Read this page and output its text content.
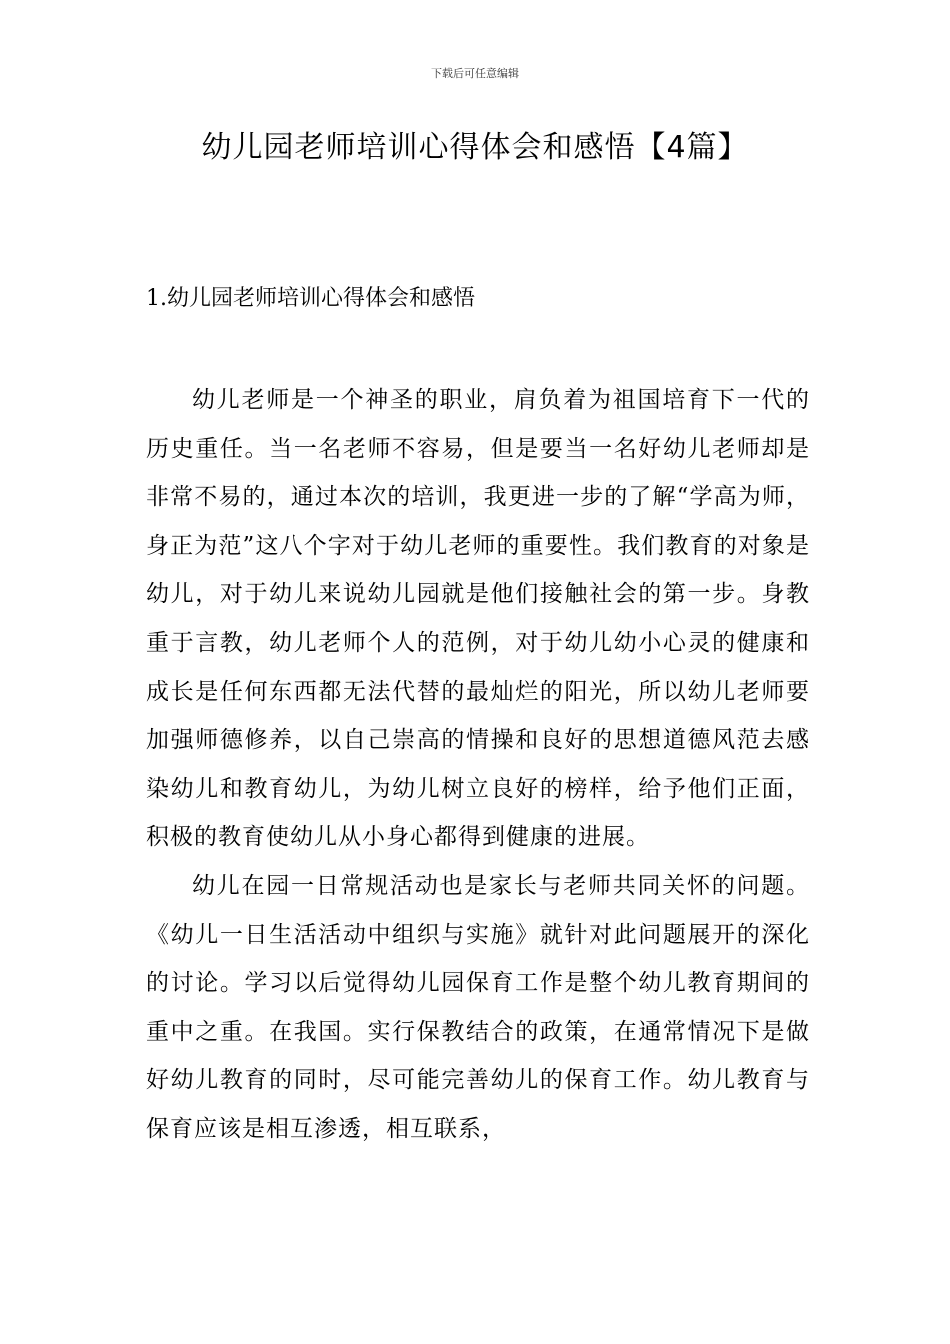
下载后可任意编辑
幼儿园老师培训心得体会和感悟【4篇】
1.幼儿园老师培训心得体会和感悟

幼儿老师是一个神圣的职业，肩负着为祖国培育下一代的历史重任。当一名老师不容易，但是要当一名好幼儿老师却是非常不易的，通过本次的培训，我更进一步的了解“学高为师，身正为范”这八个字对于幼儿老师的重要性。我们教育的对象是幼儿，对于幼儿来说幼儿园就是他们接触社会的第一步。身教重于言教，幼儿老师个人的范例，对于幼儿幼小心灵的健康和成长是任何东西都无法代替的最灿烂的阳光，所以幼儿老师要加强师德修养，以自己崇高的情操和良好的思想道德风范去感染幼儿和教育幼儿，为幼儿树立良好的榜样，给予他们正面，积极的教育使幼儿从小身心都得到健康的进展。

幼儿在园一日常规活动也是家长与老师共同关怀的问题。《幼儿一日生活活动中组织与实施》就针对此问题展开的深化的讨论。学习以后觉得幼儿园保育工作是整个幼儿教育期间的重中之重。在我国。实行保教结合的政策，在通常情况下是做好幼儿教育的同时，尽可能完善幼儿的保育工作。幼儿教育与保育应该是相互渗透，相互联系，
